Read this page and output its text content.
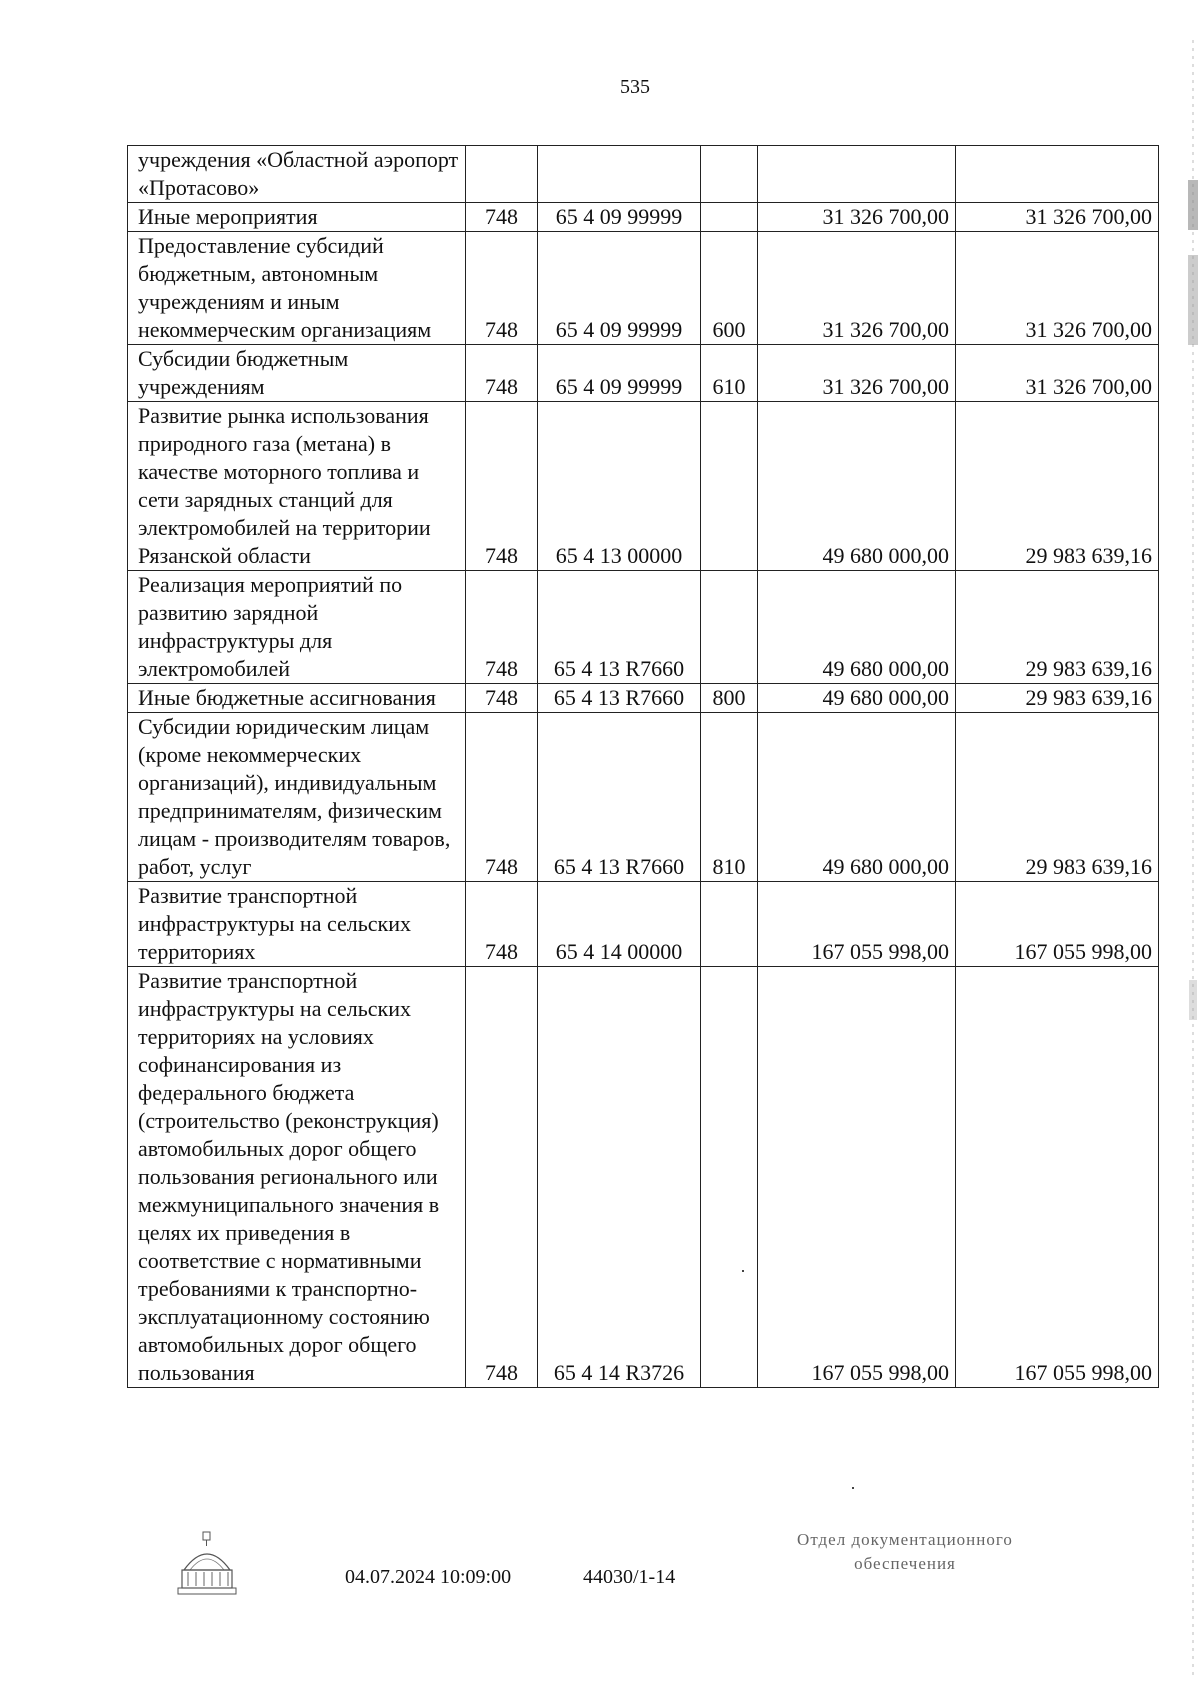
535
учреждения «Областной аэропорт «Протасово»					
Иные мероприятия	748	65 4 09 99999		31 326 700,00	31 326 700,00
Предоставление субсидий бюджетным, автономным учреждениям и иным некоммерческим организациям	748	65 4 09 99999	600	31 326 700,00	31 326 700,00
Субсидии бюджетным учреждениям	748	65 4 09 99999	610	31 326 700,00	31 326 700,00
Развитие рынка использования природного газа (метана) в качестве моторного топлива и сети зарядных станций для электромобилей на территории Рязанской области	748	65 4 13 00000		49 680 000,00	29 983 639,16
Реализация мероприятий по развитию зарядной инфраструктуры для электромобилей	748	65 4 13 R7660		49 680 000,00	29 983 639,16
Иные бюджетные ассигнования	748	65 4 13 R7660	800	49 680 000,00	29 983 639,16
Субсидии юридическим лицам (кроме некоммерческих организаций), индивидуальным предпринимателям, физическим лицам - производителям товаров, работ, услуг	748	65 4 13 R7660	810	49 680 000,00	29 983 639,16
Развитие транспортной инфраструктуры на сельских территориях	748	65 4 14 00000		167 055 998,00	167 055 998,00
Развитие транспортной инфраструктуры на сельских территориях на условиях софинансирования из федерального бюджета (строительство (реконструкция) автомобильных дорог общего пользования регионального или межмуниципального значения в целях их приведения в соответствие с нормативными требованиями к транспортно-эксплуатационному состоянию автомобильных дорог общего пользования	748	65 4 14 R3726		167 055 998,00	167 055 998,00
04.07.2024 10:09:00	44030/1-14
Отдел документационного
обеспечения
